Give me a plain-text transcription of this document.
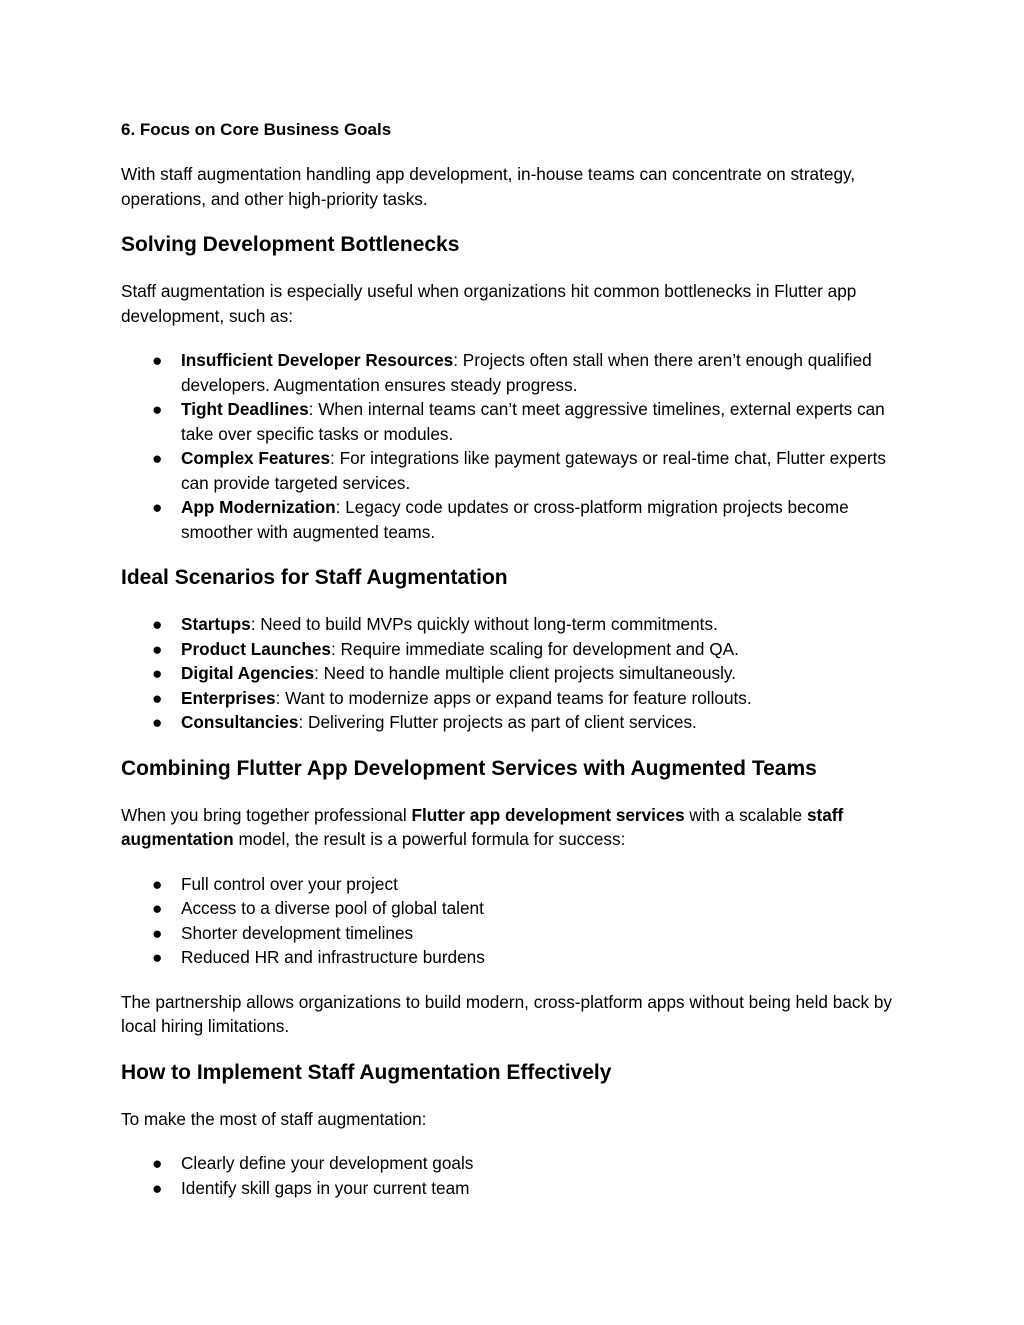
6. Focus on Core Business Goals

With staff augmentation handling app development, in-house teams can concentrate on strategy, operations, and other high-priority tasks.

Solving Development Bottlenecks

Staff augmentation is especially useful when organizations hit common bottlenecks in Flutter app development, such as:

● Insufficient Developer Resources: Projects often stall when there aren’t enough qualified developers. Augmentation ensures steady progress.
● Tight Deadlines: When internal teams can’t meet aggressive timelines, external experts can take over specific tasks or modules.
● Complex Features: For integrations like payment gateways or real-time chat, Flutter experts can provide targeted services.
● App Modernization: Legacy code updates or cross-platform migration projects become smoother with augmented teams.
Ideal Scenarios for Staff Augmentation
● Startups: Need to build MVPs quickly without long-term commitments.
● Product Launches: Require immediate scaling for development and QA.
● Digital Agencies: Need to handle multiple client projects simultaneously.
● Enterprises: Want to modernize apps or expand teams for feature rollouts.
● Consultancies: Delivering Flutter projects as part of client services.
Combining Flutter App Development Services with Augmented Teams

When you bring together professional Flutter app development services with a scalable staff augmentation model, the result is a powerful formula for success:

● Full control over your project
● Access to a diverse pool of global talent
● Shorter development timelines
● Reduced HR and infrastructure burdens

The partnership allows organizations to build modern, cross-platform apps without being held back by local hiring limitations.

How to Implement Staff Augmentation Effectively

To make the most of staff augmentation:

● Clearly define your development goals
● Identify skill gaps in your current team
